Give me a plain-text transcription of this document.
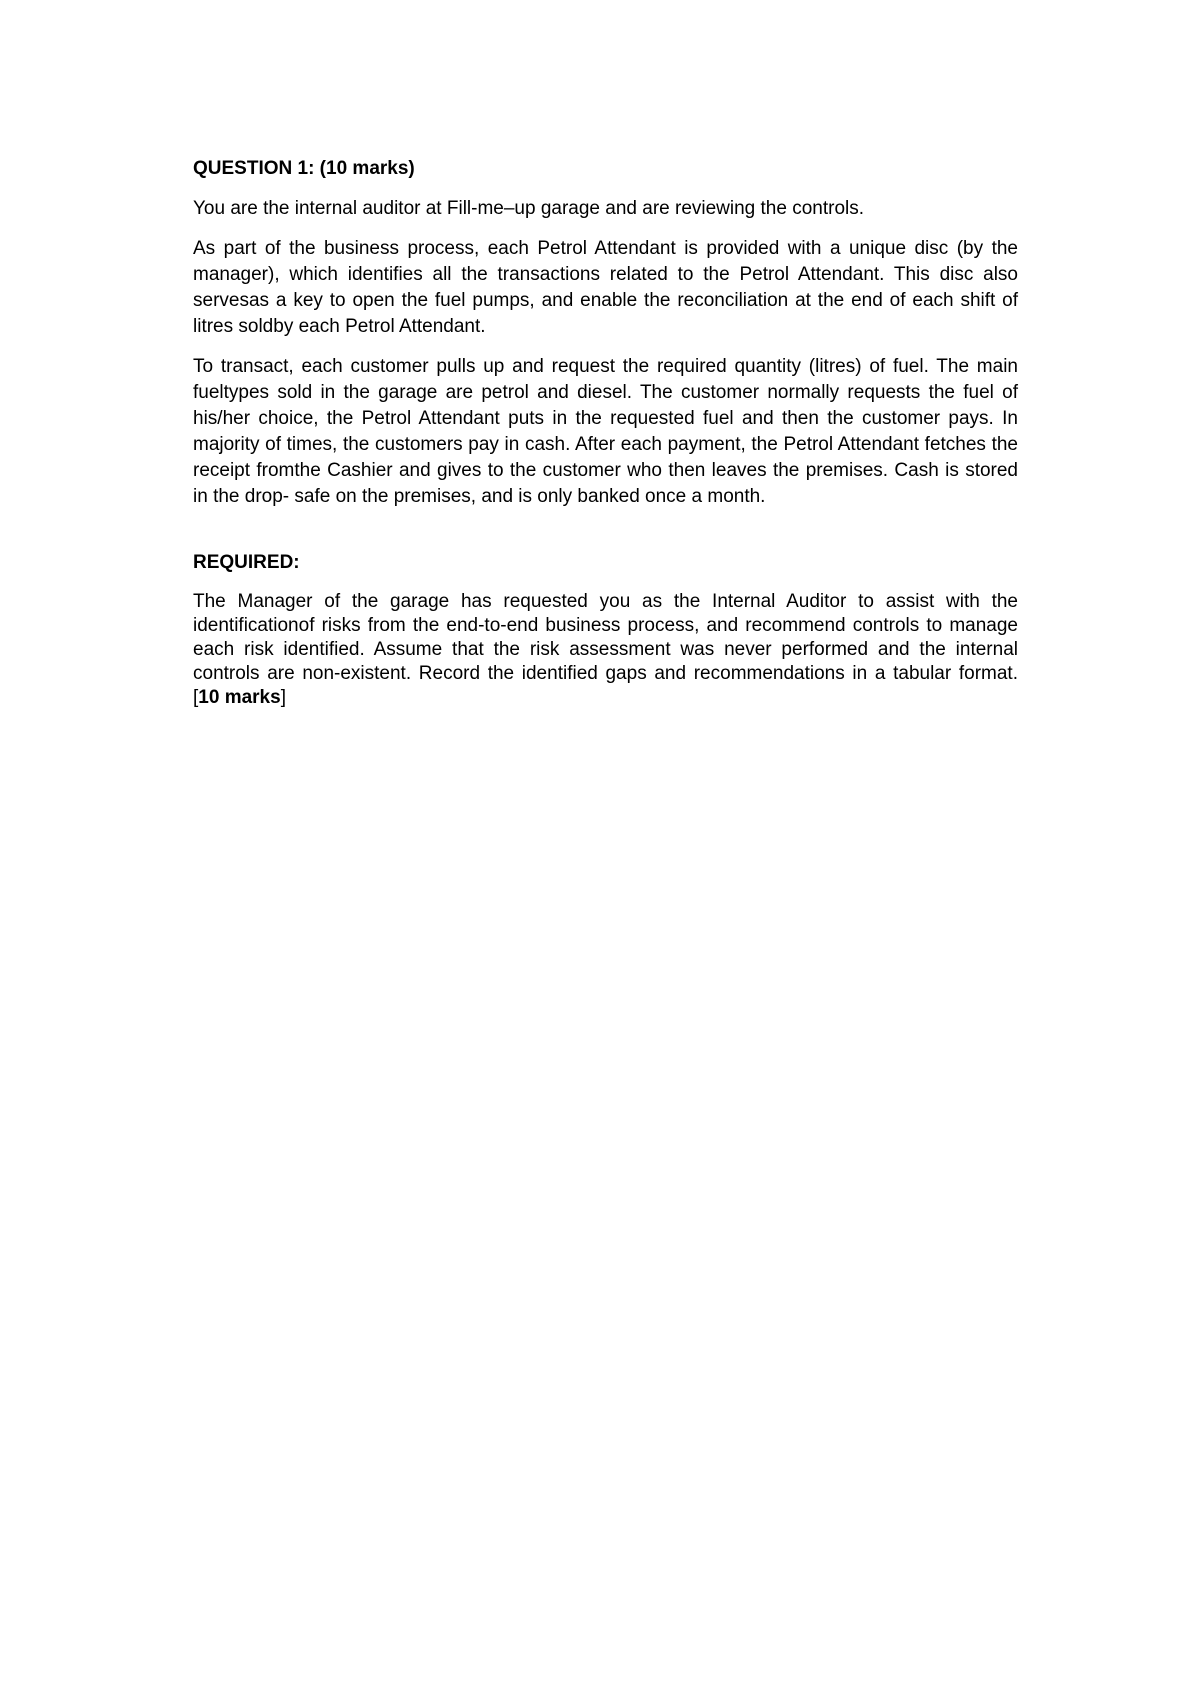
QUESTION 1: (10 marks)

You are the internal auditor at Fill-me–up garage and are reviewing the controls.

As part of the business process, each Petrol Attendant is provided with a unique disc (by the manager), which identifies all the transactions related to the Petrol Attendant. This disc also servesas a key to open the fuel pumps, and enable the reconciliation at the end of each shift of litres soldby each Petrol Attendant.

To transact, each customer pulls up and request the required quantity (litres) of fuel. The main fueltypes sold in the garage are petrol and diesel. The customer normally requests the fuel of his/her choice, the Petrol Attendant puts in the requested fuel and then the customer pays. In majority of times, the customers pay in cash. After each payment, the Petrol Attendant fetches the receipt fromthe Cashier and gives to the customer who then leaves the premises. Cash is stored in the drop- safe on the premises, and is only banked once a month.

REQUIRED:

The Manager of the garage has requested you as the Internal Auditor to assist with the identificationof risks from the end-to-end business process, and recommend controls to manage each risk identified. Assume that the risk assessment was never performed and the internal controls are non-existent. Record the identified gaps and recommendations in a tabular format. [10 marks]
